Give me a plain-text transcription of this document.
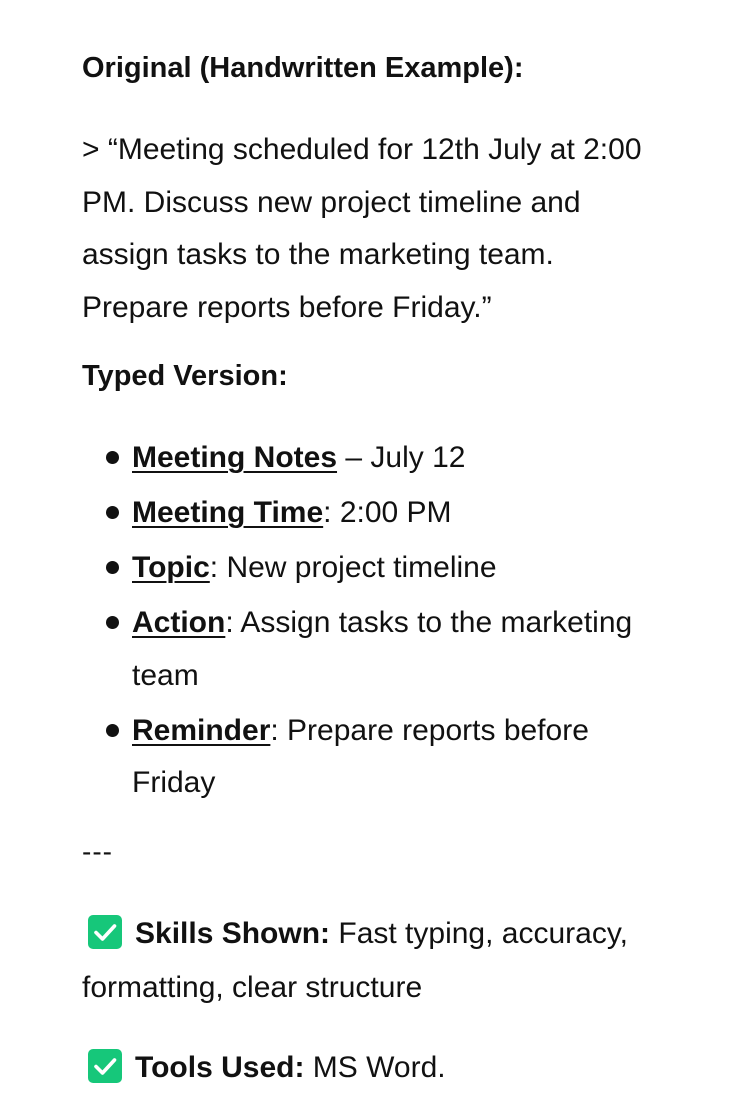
Original (Handwritten Example):
> “Meeting scheduled for 12th July at 2:00 PM. Discuss new project timeline and assign tasks to the marketing team. Prepare reports before Friday.”
Typed Version:
Meeting Notes – July 12
Meeting Time: 2:00 PM
Topic: New project timeline
Action: Assign tasks to the marketing team
Reminder: Prepare reports before Friday
---
Skills Shown: Fast typing, accuracy, formatting, clear structure
Tools Used: MS Word.
